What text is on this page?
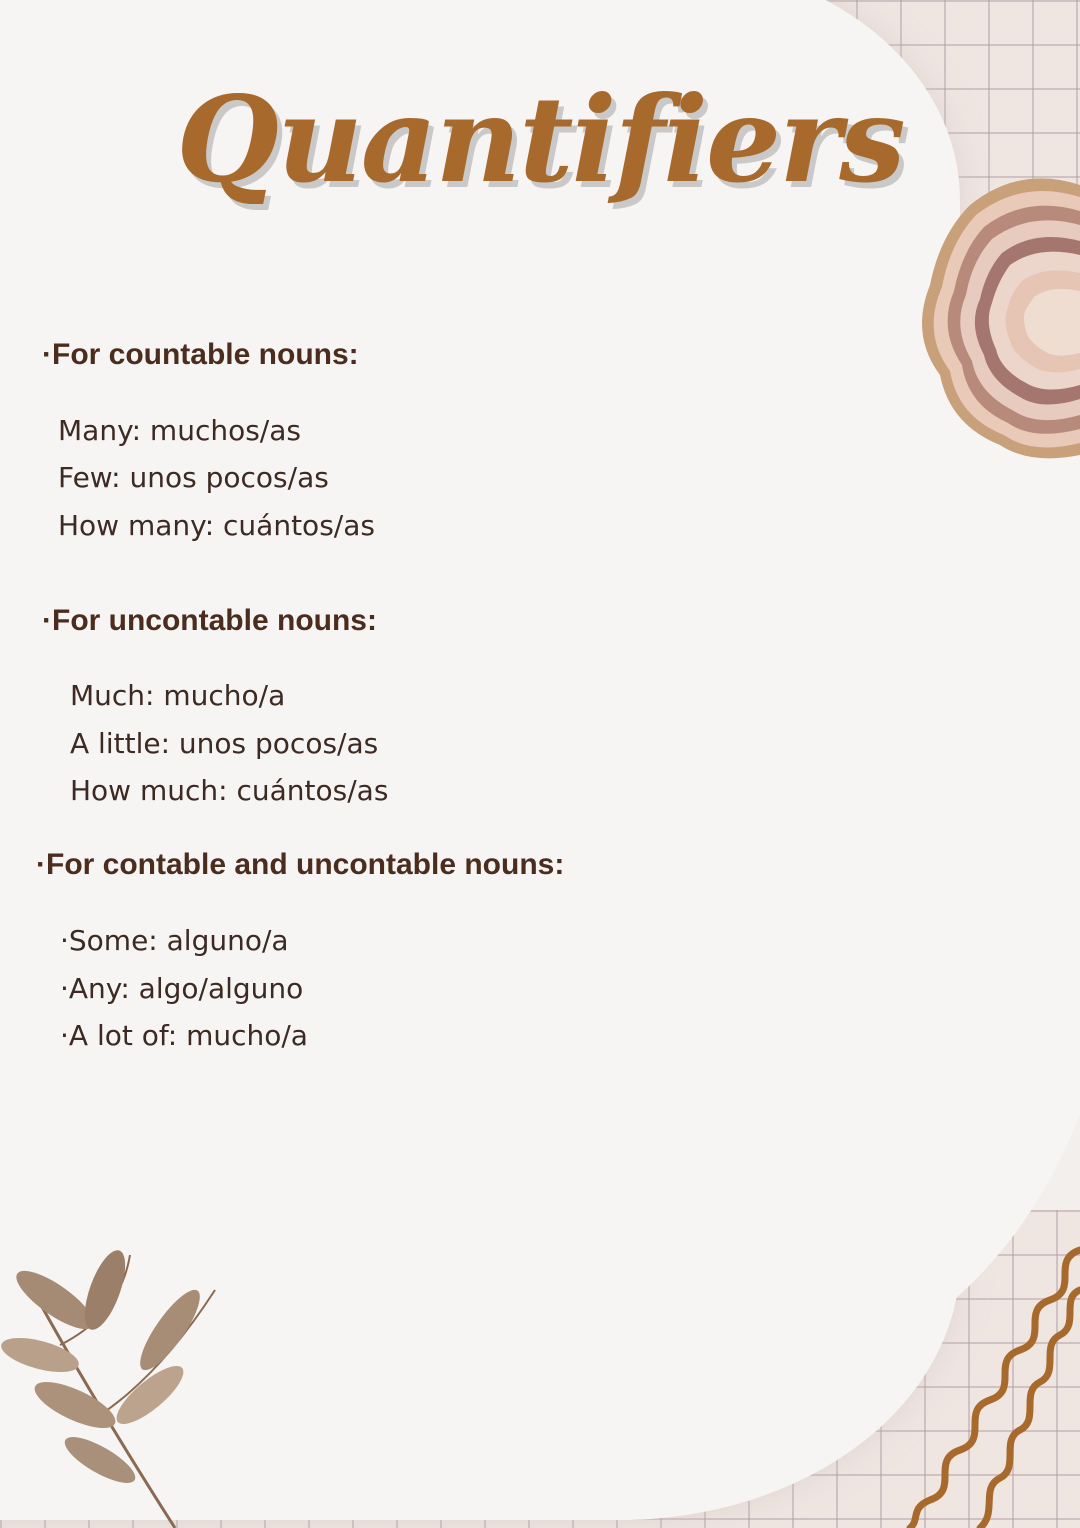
Quantifiers
·For countable nouns:

Many: muchos/as

Few: unos pocos/as

How many: cuántos/as

·For uncontable nouns:

Much: mucho/a

A little: unos pocos/as

How much: cuántos/as

·For contable and uncontable nouns:

·Some: alguno/a

·Any: algo/alguno

·A lot of: mucho/a
